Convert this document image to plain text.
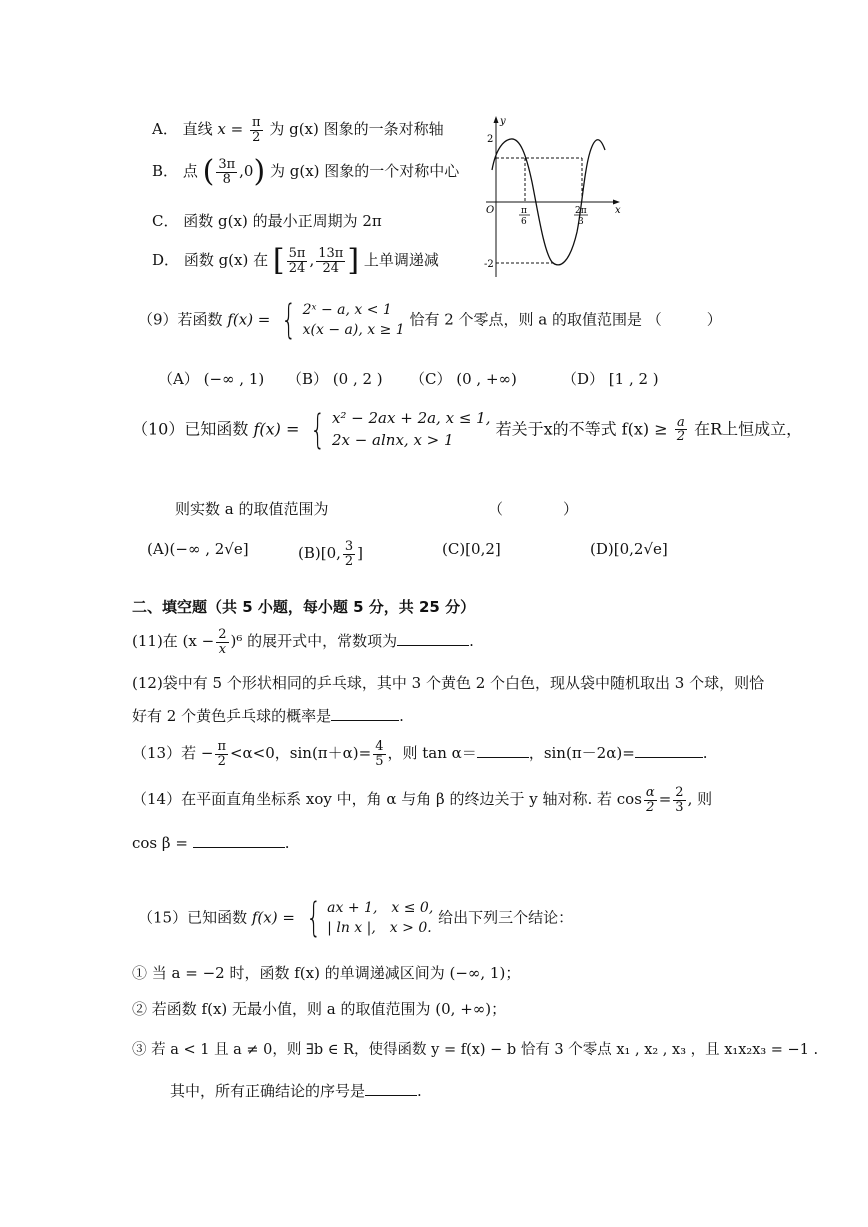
A． 直线 $x = \frac{\pi}{2}$ 为 g(x) 图象的一条对称轴
B． 点 ( $\frac{3\pi}{8} ,0$) 为 g(x) 图象的一个对称中心
C． 函数 g(x) 的最小正周期为 2π
D． 函数 g(x) 在 [ $\frac{5\pi}{24}$ , $\frac{13\pi}{24}$ ] 上单调递减
y
x
O
2
-2
π
6
2π
3
（9）若函数 f(x) = { 2ˣ − a, x < 1
x(x − a), x ≥ 1
恰有 2 个零点，则 a 的取值范围是 （　　　）
（A） (−∞ , 1) （B） (0 , 2 ) （C） (0 , +∞)	（D） [1 , 2 )
（10）已知函数 f(x) = { x² − 2ax + 2a, x ≤ 1,
2x − alnx, x > 1
若关于x的不等式 $f(x) \ge \frac{a}{2}$ 在R上恒成立，
则实数 a 的取值范围为	（　　　　）
(A)(−∞ , 2√e]	(B)[0, $\frac{3}{2}$ ]	(C)[0,2]	(D)[0,2√e]
二、填空题（共 5 小题，每小题 5 分，共 25 分）
(11)在 $(x - \frac{2}{x} )^6$ 的展开式中，常数项为	.
(12)袋中有 5 个形状相同的乒乓球，其中 3 个黄色 2 个白色，现从袋中随机取出 3 个球，则恰
好有 2 个黄色乒乓球的概率是	.
（13）若 − $\frac{\pi}{2} <\alpha<0$，$\sin(\pi+\alpha)= \frac{4}{5}$ ，则 tan α＝	，sin(π－2α)=	.
（14）在平面直角坐标系 xoy 中，角 α 与角 β 的终边关于 y 轴对称. 若 $\cos \frac{\alpha}{2} = \frac{2}{3}$ , 则
cos β =	.
（15）已知函数 f(x) = { ax + 1,　x ≤ 0,
| ln x |,　x > 0.
给出下列三个结论：
① 当 a = −2 时，函数 f(x) 的单调递减区间为 (−∞, 1)；
② 若函数 f(x) 无最小值，则 a 的取值范围为 (0, +∞)；
③ 若 a < 1 且 a ≠ 0，则 ∃b ∈ R，使得函数 y = f(x) − b 恰有 3 个零点 x₁ , x₂ , x₃ ，且 x₁x₂x₃ = −1 .
其中，所有正确结论的序号是	.
